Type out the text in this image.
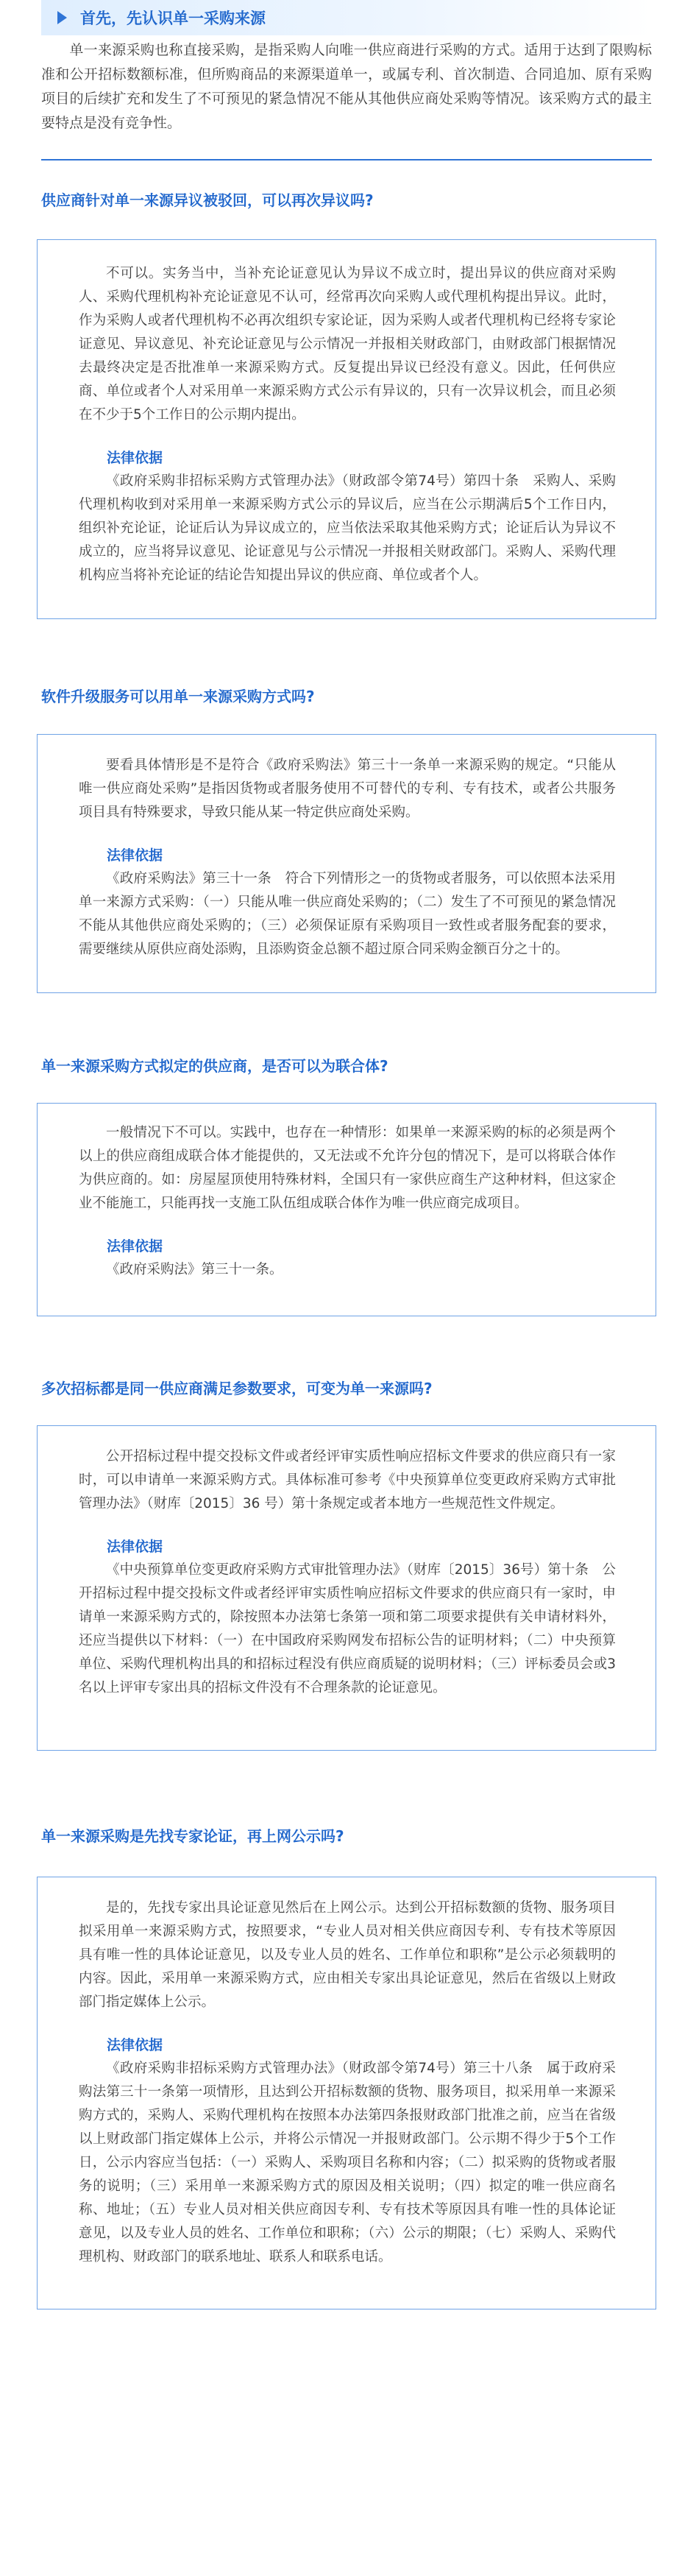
首先，先认识单一采购来源
单一来源采购也称直接采购，是指采购人向唯一供应商进行采购的方式。适用于达到了限购标准和公开招标数额标准，但所购商品的来源渠道单一，或属专利、首次制造、合同追加、原有采购项目的后续扩充和发生了不可预见的紧急情况不能从其他供应商处采购等情况。该采购方式的最主要特点是没有竞争性。
供应商针对单一来源异议被驳回，可以再次异议吗?

不可以。实务当中，当补充论证意见认为异议不成立时，提出异议的供应商对采购人、采购代理机构补充论证意见不认可，经常再次向采购人或代理机构提出异议。此时，作为采购人或者代理机构不必再次组织专家论证，因为采购人或者代理机构已经将专家论证意见、异议意见、补充论证意见与公示情况一并报相关财政部门，由财政部门根据情况去最终决定是否批准单一来源采购方式。反复提出异议已经没有意义。因此，任何供应商、单位或者个人对采用单一来源采购方式公示有异议的，只有一次异议机会，而且必须在不少于5个工作日的公示期内提出。

法律依据

《政府采购非招标采购方式管理办法》（财政部令第74号）第四十条　采购人、采购代理机构收到对采用单一来源采购方式公示的异议后，应当在公示期满后5个工作日内，组织补充论证，论证后认为异议成立的，应当依法采取其他采购方式；论证后认为异议不成立的，应当将异议意见、论证意见与公示情况一并报相关财政部门。采购人、采购代理机构应当将补充论证的结论告知提出异议的供应商、单位或者个人。

软件升级服务可以用单一来源采购方式吗?

要看具体情形是不是符合《政府采购法》第三十一条单一来源采购的规定。“只能从唯一供应商处采购”是指因货物或者服务使用不可替代的专利、专有技术，或者公共服务项目具有特殊要求，导致只能从某一特定供应商处采购。

法律依据

《政府采购法》第三十一条　符合下列情形之一的货物或者服务，可以依照本法采用单一来源方式采购：（一）只能从唯一供应商处采购的；（二）发生了不可预见的紧急情况不能从其他供应商处采购的；（三）必须保证原有采购项目一致性或者服务配套的要求，需要继续从原供应商处添购，且添购资金总额不超过原合同采购金额百分之十的。

单一来源采购方式拟定的供应商，是否可以为联合体?

一般情况下不可以。实践中，也存在一种情形：如果单一来源采购的标的必须是两个以上的供应商组成联合体才能提供的，又无法或不允许分包的情况下，是可以将联合体作为供应商的。如：房屋屋顶使用特殊材料，全国只有一家供应商生产这种材料，但这家企业不能施工，只能再找一支施工队伍组成联合体作为唯一供应商完成项目。

法律依据

《政府采购法》第三十一条。

多次招标都是同一供应商满足参数要求，可变为单一来源吗?

公开招标过程中提交投标文件或者经评审实质性响应招标文件要求的供应商只有一家时，可以申请单一来源采购方式。具体标准可参考《中央预算单位变更政府采购方式审批管理办法》（财库〔2015〕36 号）第十条规定或者本地方一些规范性文件规定。

法律依据

《中央预算单位变更政府采购方式审批管理办法》（财库〔2015〕36号）第十条　公开招标过程中提交投标文件或者经评审实质性响应招标文件要求的供应商只有一家时，申请单一来源采购方式的，除按照本办法第七条第一项和第二项要求提供有关申请材料外，还应当提供以下材料：（一）在中国政府采购网发布招标公告的证明材料；（二）中央预算单位、采购代理机构出具的和招标过程没有供应商质疑的说明材料；（三）评标委员会或3名以上评审专家出具的招标文件没有不合理条款的论证意见。

单一来源采购是先找专家论证，再上网公示吗?

是的，先找专家出具论证意见然后在上网公示。达到公开招标数额的货物、服务项目拟采用单一来源采购方式，按照要求，“专业人员对相关供应商因专利、专有技术等原因具有唯一性的具体论证意见，以及专业人员的姓名、工作单位和职称”是公示必须载明的内容。因此，采用单一来源采购方式，应由相关专家出具论证意见，然后在省级以上财政部门指定媒体上公示。

法律依据

《政府采购非招标采购方式管理办法》（财政部令第74号）第三十八条　属于政府采购法第三十一条第一项情形，且达到公开招标数额的货物、服务项目，拟采用单一来源采购方式的，采购人、采购代理机构在按照本办法第四条报财政部门批准之前，应当在省级以上财政部门指定媒体上公示，并将公示情况一并报财政部门。公示期不得少于5个工作日，公示内容应当包括：（一）采购人、采购项目名称和内容；（二）拟采购的货物或者服务的说明；（三）采用单一来源采购方式的原因及相关说明；（四）拟定的唯一供应商名称、地址；（五）专业人员对相关供应商因专利、专有技术等原因具有唯一性的具体论证意见，以及专业人员的姓名、工作单位和职称；（六）公示的期限；（七）采购人、采购代理机构、财政部门的联系地址、联系人和联系电话。
